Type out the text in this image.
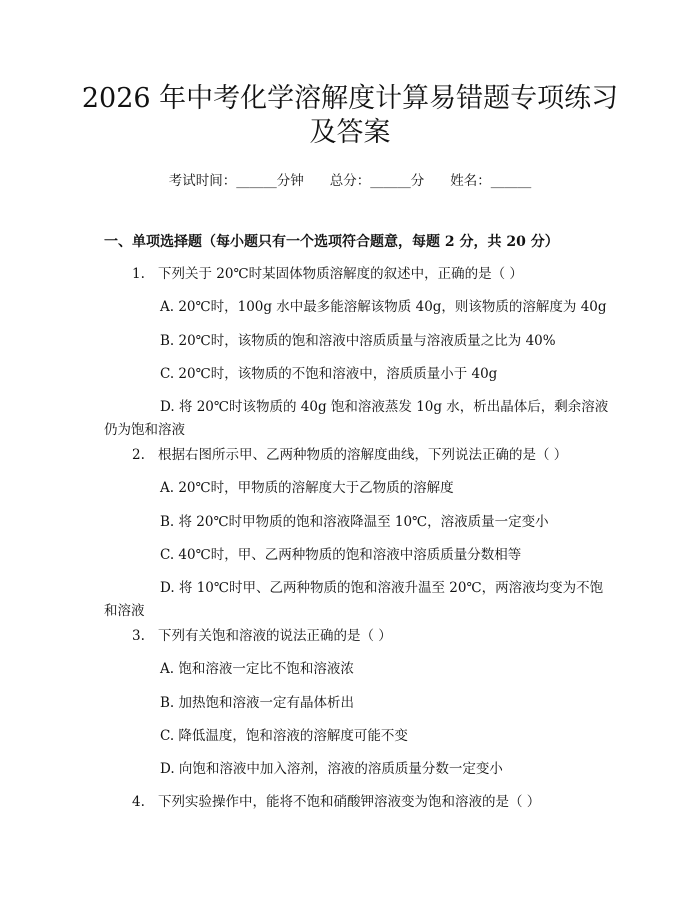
2026 年中考化学溶解度计算易错题专项练习
及答案
考试时间：______分钟 总分：______分 姓名：______
一、单项选择题（每小题只有一个选项符合题意，每题 2 分，共 20 分）
1. 下列关于 20℃时某固体物质溶解度的叙述中，正确的是（ ）
A. 20℃时，100g 水中最多能溶解该物质 40g，则该物质的溶解度为 40g
B. 20℃时，该物质的饱和溶液中溶质质量与溶液质量之比为 40%
C. 20℃时，该物质的不饱和溶液中，溶质质量小于 40g
D. 将 20℃时该物质的 40g 饱和溶液蒸发 10g 水，析出晶体后，剩余溶液
仍为饱和溶液
2. 根据右图所示甲、乙两种物质的溶解度曲线，下列说法正确的是（ ）
A. 20℃时，甲物质的溶解度大于乙物质的溶解度
B. 将 20℃时甲物质的饱和溶液降温至 10℃，溶液质量一定变小
C. 40℃时，甲、乙两种物质的饱和溶液中溶质质量分数相等
D. 将 10℃时甲、乙两种物质的饱和溶液升温至 20℃，两溶液均变为不饱
和溶液
3. 下列有关饱和溶液的说法正确的是（ ）
A. 饱和溶液一定比不饱和溶液浓
B. 加热饱和溶液一定有晶体析出
C. 降低温度，饱和溶液的溶解度可能不变
D. 向饱和溶液中加入溶剂，溶液的溶质质量分数一定变小
4. 下列实验操作中，能将不饱和硝酸钾溶液变为饱和溶液的是（ ）
